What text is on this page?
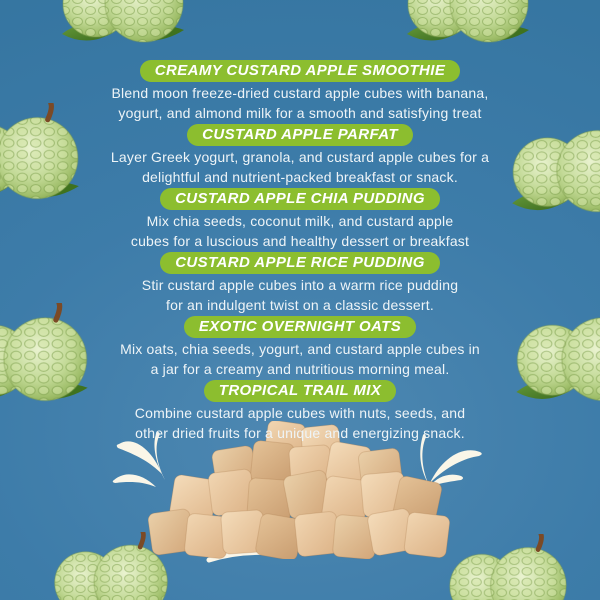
CREAMY CUSTARD APPLE SMOOTHIE

Blend moon freeze-dried custard apple cubes with banana,
yogurt, and almond milk for a smooth and satisfying treat

CUSTARD APPLE PARFAT

Layer Greek yogurt, granola, and custard apple cubes for a
delightful and nutrient-packed breakfast or snack.

CUSTARD APPLE CHIA PUDDING

Mix chia seeds, coconut milk, and custard apple
cubes for a luscious and healthy dessert or breakfast

CUSTARD APPLE RICE PUDDING

Stir custard apple cubes into a warm rice pudding
for an indulgent twist on a classic dessert.

EXOTIC OVERNIGHT OATS

Mix oats, chia seeds, yogurt, and custard apple cubes in
a jar for a creamy and nutritious morning meal.

TROPICAL TRAIL MIX

Combine custard apple cubes with nuts, seeds, and
other dried fruits for a unique and energizing snack.
